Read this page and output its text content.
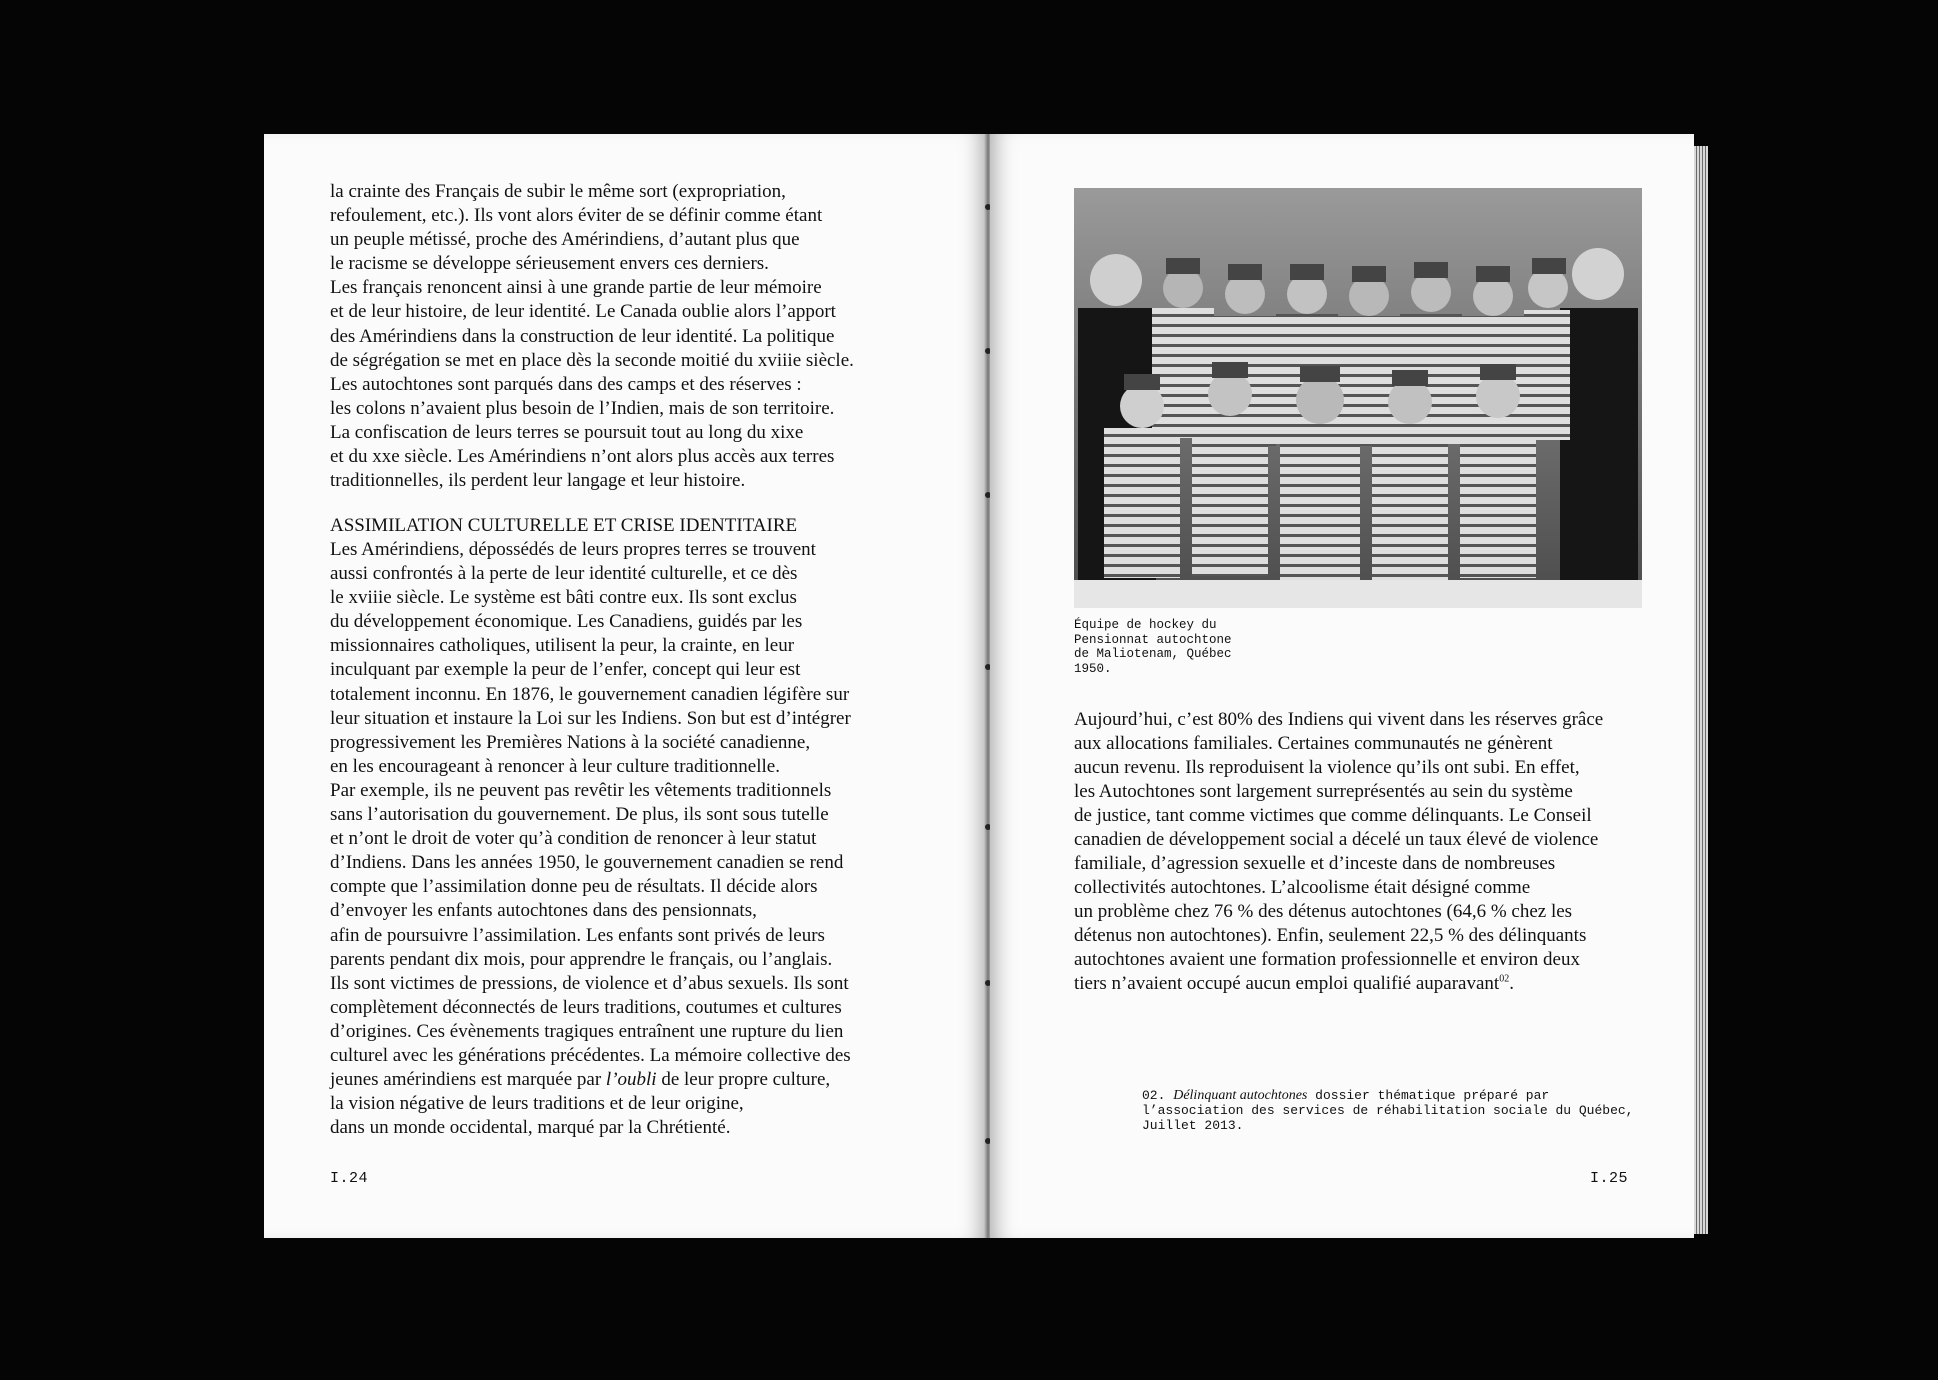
la crainte des Français de subir le même sort (expropriation,
refoulement, etc.). Ils vont alors éviter de se définir comme étant
un peuple métissé, proche des Amérindiens, d’autant plus que
le racisme se développe sérieusement envers ces derniers.
Les français renoncent ainsi à une grande partie de leur mémoire
et de leur histoire, de leur identité. Le Canada oublie alors l’apport
des Amérindiens dans la construction de leur identité. La politique
de ségrégation se met en place dès la seconde moitié du xviiie siècle.
Les autochtones sont parqués dans des camps et des réserves :
les colons n’avaient plus besoin de l’Indien, mais de son territoire.
La confiscation de leurs terres se poursuit tout au long du xixe
et du xxe siècle. Les Amérindiens n’ont alors plus accès aux terres
traditionnelles, ils perdent leur langage et leur histoire.
ASSIMILATION CULTURELLE ET CRISE IDENTITAIRE
Les Amérindiens, dépossédés de leurs propres terres se trouvent
aussi confrontés à la perte de leur identité culturelle, et ce dès
le xviiie siècle. Le système est bâti contre eux. Ils sont exclus
du développement économique. Les Canadiens, guidés par les
missionnaires catholiques, utilisent la peur, la crainte, en leur
inculquant par exemple la peur de l’enfer, concept qui leur est
totalement inconnu. En 1876, le gouvernement canadien légifère sur
leur situation et instaure la Loi sur les Indiens. Son but est d’intégrer
progressivement les Premières Nations à la société canadienne,
en les encourageant à renoncer à leur culture traditionnelle.
Par exemple, ils ne peuvent pas revêtir les vêtements traditionnels
sans l’autorisation du gouvernement. De plus, ils sont sous tutelle
et n’ont le droit de voter qu’à condition de renoncer à leur statut
d’Indiens. Dans les années 1950, le gouvernement canadien se rend
compte que l’assimilation donne peu de résultats. Il décide alors
d’envoyer les enfants autochtones dans des pensionnats,
afin de poursuivre l’assimilation. Les enfants sont privés de leurs
parents pendant dix mois, pour apprendre le français, ou l’anglais.
Ils sont victimes de pressions, de violence et d’abus sexuels. Ils sont
complètement déconnectés de leurs traditions, coutumes et cultures
d’origines. Ces évènements tragiques entraînent une rupture du lien
culturel avec les générations précédentes. La mémoire collective des
jeunes amérindiens est marquée par l’oubli de leur propre culture,
la vision négative de leurs traditions et de leur origine,
dans un monde occidental, marqué par la Chrétienté.
I.24
Équipe de hockey du
Pensionnat autochtone
de Maliotenam, Québec
1950.
Aujourd’hui, c’est 80% des Indiens qui vivent dans les réserves grâce
aux allocations familiales. Certaines communautés ne génèrent
aucun revenu. Ils reproduisent la violence qu’ils ont subi. En effet,
les Autochtones sont largement surreprésentés au sein du système
de justice, tant comme victimes que comme délinquants. Le Conseil
canadien de développement social a décelé un taux élevé de violence
familiale, d’agression sexuelle et d’inceste dans de nombreuses
collectivités autochtones. L’alcoolisme était désigné comme
un problème chez 76 % des détenus autochtones (64,6 % chez les
détenus non autochtones). Enfin, seulement 22,5 % des délinquants
autochtones avaient une formation professionnelle et environ deux
tiers n’avaient occupé aucun emploi qualifié auparavant$^{02}$.
02. Délinquant autochtones dossier thématique préparé par l’association des services de réhabilitation sociale du Québec, Juillet 2013.
I.25
